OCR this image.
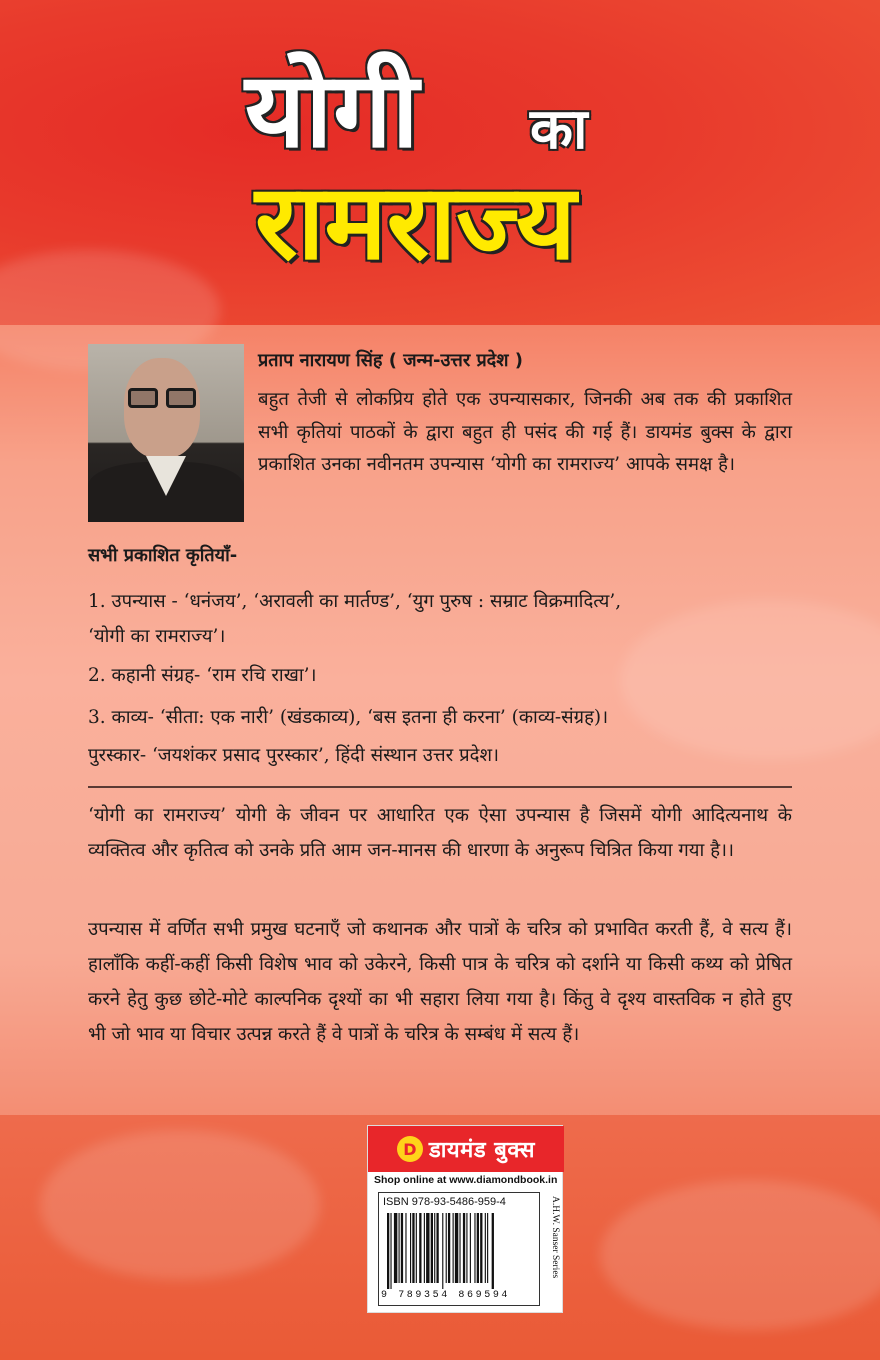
योगी का
रामराज्य
प्रताप नारायण सिंह ( जन्म-उत्तर प्रदेश )
बहुत तेजी से लोकप्रिय होते एक उपन्यासकार, जिनकी अब तक की प्रकाशित सभी कृतियां पाठकों के द्वारा बहुत ही पसंद की गई हैं। डायमंड बुक्स के द्वारा प्रकाशित उनका नवीनतम उपन्यास ‘योगी का रामराज्य’ आपके समक्ष है।
सभी प्रकाशित कृतियाँ-
1. उपन्यास - ‘धनंजय’, ‘अरावली का मार्तण्ड’, ‘युग पुरुष : सम्राट विक्रमादित्य’,
‘योगी का रामराज्य’।
2. कहानी संग्रह- ‘राम रचि राखा’।
3. काव्य- ‘सीता: एक नारी’ (खंडकाव्य), ‘बस इतना ही करना’ (काव्य-संग्रह)।
पुरस्कार- ‘जयशंकर प्रसाद पुरस्कार’, हिंदी संस्थान उत्तर प्रदेश।
‘योगी का रामराज्य’ योगी के जीवन पर आधारित एक ऐसा उपन्यास है जिसमें योगी आदित्यनाथ के व्यक्तित्व और कृतित्व को उनके प्रति आम जन-मानस की धारणा के अनुरूप चित्रित किया गया है।।
उपन्यास में वर्णित सभी प्रमुख घटनाएँ जो कथानक और पात्रों के चरित्र को प्रभावित करती हैं, वे सत्य हैं। हालाँकि कहीं-कहीं किसी विशेष भाव को उकेरने, किसी पात्र के चरित्र को दर्शाने या किसी कथ्य को प्रेषित करने हेतु कुछ छोटे-मोटे काल्पनिक दृश्यों का भी सहारा लिया गया है। किंतु वे दृश्य वास्तविक न होते हुए भी जो भाव या विचार उत्पन्न करते हैं वे पात्रों के चरित्र के सम्बंध में सत्य हैं।
D डायमंड बुक्स
Shop online at www.diamondbook.in
ISBN 978-93-5486-959-4
9 789354 869594
A.H.W. Sanser Series
